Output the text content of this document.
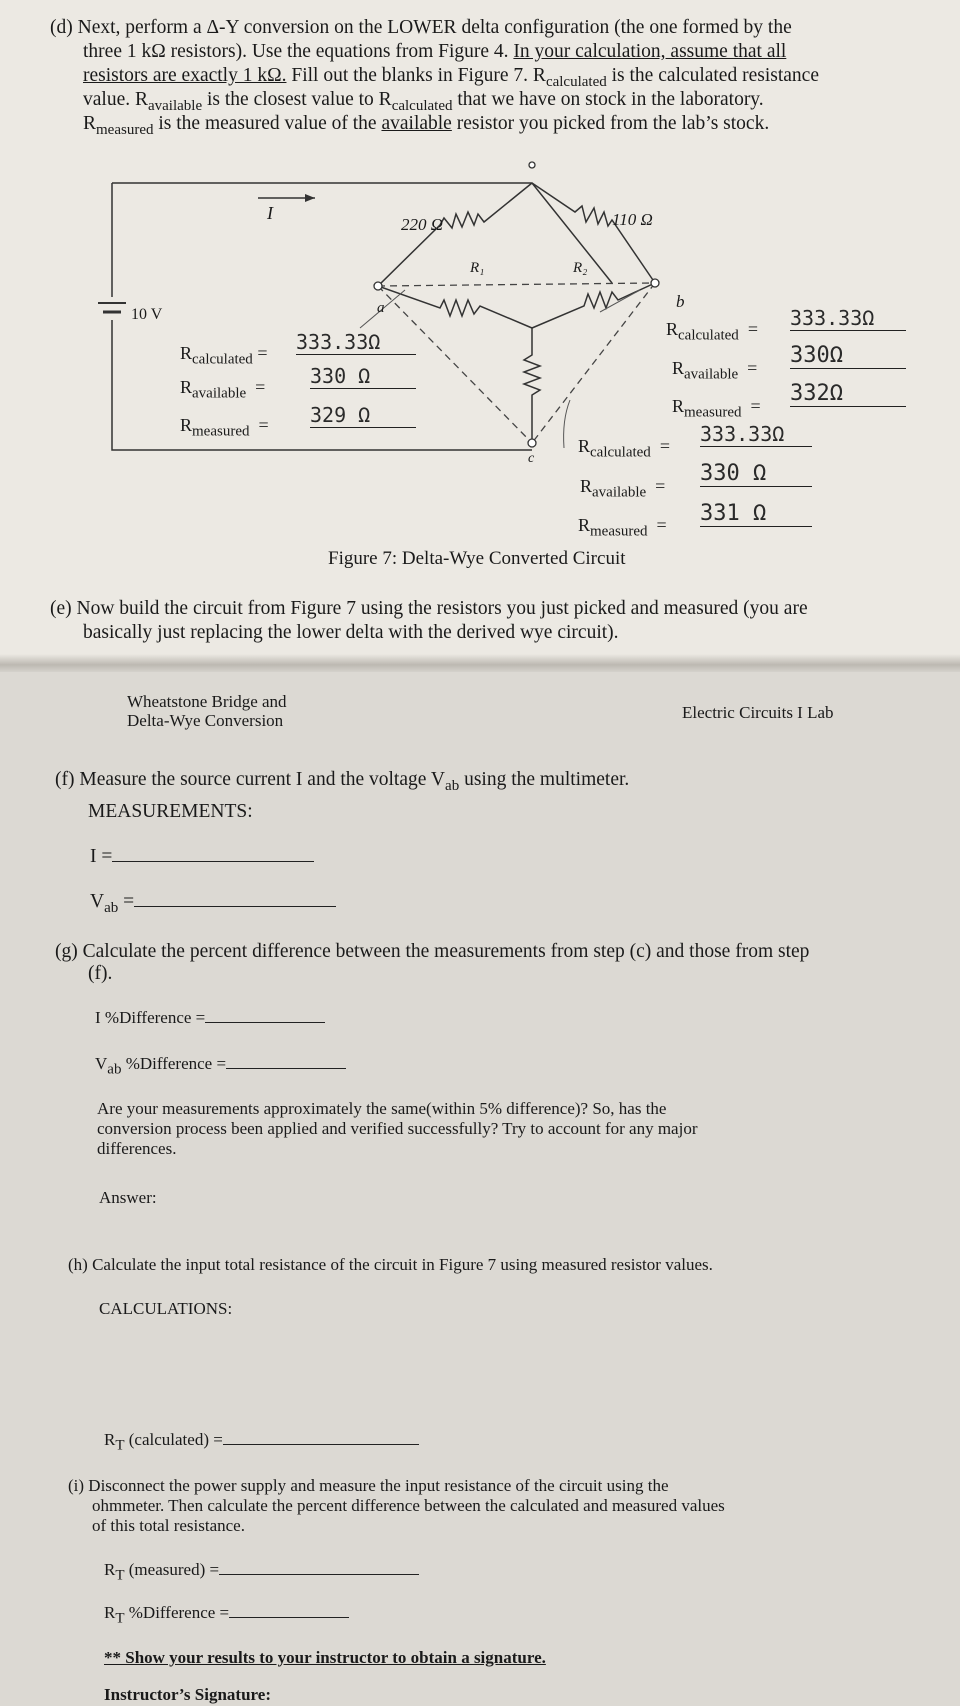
(d) Next, perform a Δ-Y conversion on the LOWER delta configuration (the one formed by the

three 1 kΩ resistors). Use the equations from Figure 4. In your calculation, assume that all

resistors are exactly 1 kΩ. Fill out the blanks in Figure 7. $R_{calculated}$ is the calculated resistance

value. $R_{available}$ is the closest value to $R_{calculated}$ that we have on stock in the laboratory.

$R_{measured}$ is the measured value of the available resistor you picked from the lab’s stock.

I
10 V
220 Ω	110 Ω
R₁	R₂
a	b
c
$R_{calculated} = 333.33\Omega$
$R_{available} = 330$ Ω
$R_{measured} = 329$ Ω
$R_{calculated} = 333.33\Omega$
$R_{available} = 330\Omega$
$R_{measured} = 332\Omega$
$R_{calculated} = 333.33\Omega$
$R_{available} = 330$ Ω
$R_{measured} = 331$ Ω
Figure 7: Delta-Wye Converted Circuit

(e) Now build the circuit from Figure 7 using the resistors you just picked and measured (you are

basically just replacing the lower delta with the derived wye circuit).

Wheatstone Bridge and
Delta-Wye Conversion	Electric Circuits I Lab

(f) Measure the source current I and the voltage $V_{ab}$ using the multimeter.

MEASUREMENTS:

I =
$V_{ab}$ =

(g) Calculate the percent difference between the measurements from step (c) and those from step

(f).

I %Difference =
$V_{ab}$ %Difference =
Are your measurements approximately the same(within 5% difference)? So, has the
conversion process been applied and verified successfully? Try to account for any major
differences.
Answer:

(h) Calculate the input total resistance of the circuit in Figure 7 using measured resistor values.

CALCULATIONS:

$R_T$ (calculated) =
(i) Disconnect the power supply and measure the input resistance of the circuit using the
ohmmeter. Then calculate the percent difference between the calculated and measured values
of this total resistance.
$R_T$ (measured) =
$R_T$ %Difference =
** Show your results to your instructor to obtain a signature.
Instructor’s Signature:
